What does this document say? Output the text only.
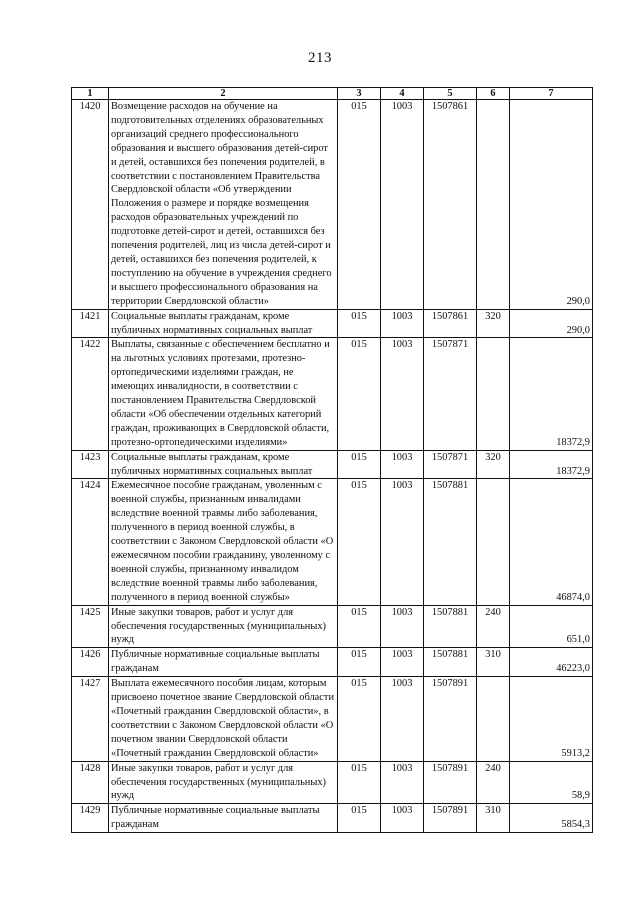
213
1	2	3	4	5	6	7
1420	Возмещение расходов на обучение на подготовительных отделениях образовательных организаций среднего профессионального образования и высшего образования детей-сирот и детей, оставшихся без попечения родителей, в соответствии с постановлением Правительства Свердловской области «Об утверждении Положения о размере и порядке возмещения расходов образовательных учреждений по подготовке детей-сирот и детей, оставшихся без попечения родителей, лиц из числа детей-сирот и детей, оставшихся без попечения родителей, к поступлению на обучение в учреждения среднего и высшего профессионального образования на территории Свердловской области»	015	1003	1507861		290,0
1421	Социальные выплаты гражданам, кроме публичных нормативных социальных выплат	015	1003	1507861	320	290,0
1422	Выплаты, связанные с обеспечением бесплатно и на льготных условиях протезами, протезно-ортопедическими изделиями граждан, не имеющих инвалидности, в соответствии с постановлением Правительства Свердловской области «Об обеспечении отдельных категорий граждан, проживающих в Свердловской области, протезно-ортопедическими изделиями»	015	1003	1507871		18372,9
1423	Социальные выплаты гражданам, кроме публичных нормативных социальных выплат	015	1003	1507871	320	18372,9
1424	Ежемесячное пособие гражданам, уволенным с военной службы, признанным инвалидами вследствие военной травмы либо заболевания, полученного в период военной службы, в соответствии с Законом Свердловской области «О ежемесячном пособии гражданину, уволенному с военной службы, признанному инвалидом вследствие военной травмы либо заболевания, полученного в период военной службы»	015	1003	1507881		46874,0
1425	Иные закупки товаров, работ и услуг для обеспечения государственных (муниципальных) нужд	015	1003	1507881	240	651,0
1426	Публичные нормативные социальные выплаты гражданам	015	1003	1507881	310	46223,0
1427	Выплата ежемесячного пособия лицам, которым присвоено почетное звание Свердловской области «Почетный гражданин Свердловской области», в соответствии с Законом Свердловской области «О почетном звании Свердловской области «Почетный гражданин Свердловской области»	015	1003	1507891		5913,2
1428	Иные закупки товаров, работ и услуг для обеспечения государственных (муниципальных) нужд	015	1003	1507891	240	58,9
1429	Публичные нормативные социальные выплаты гражданам	015	1003	1507891	310	5854,3
